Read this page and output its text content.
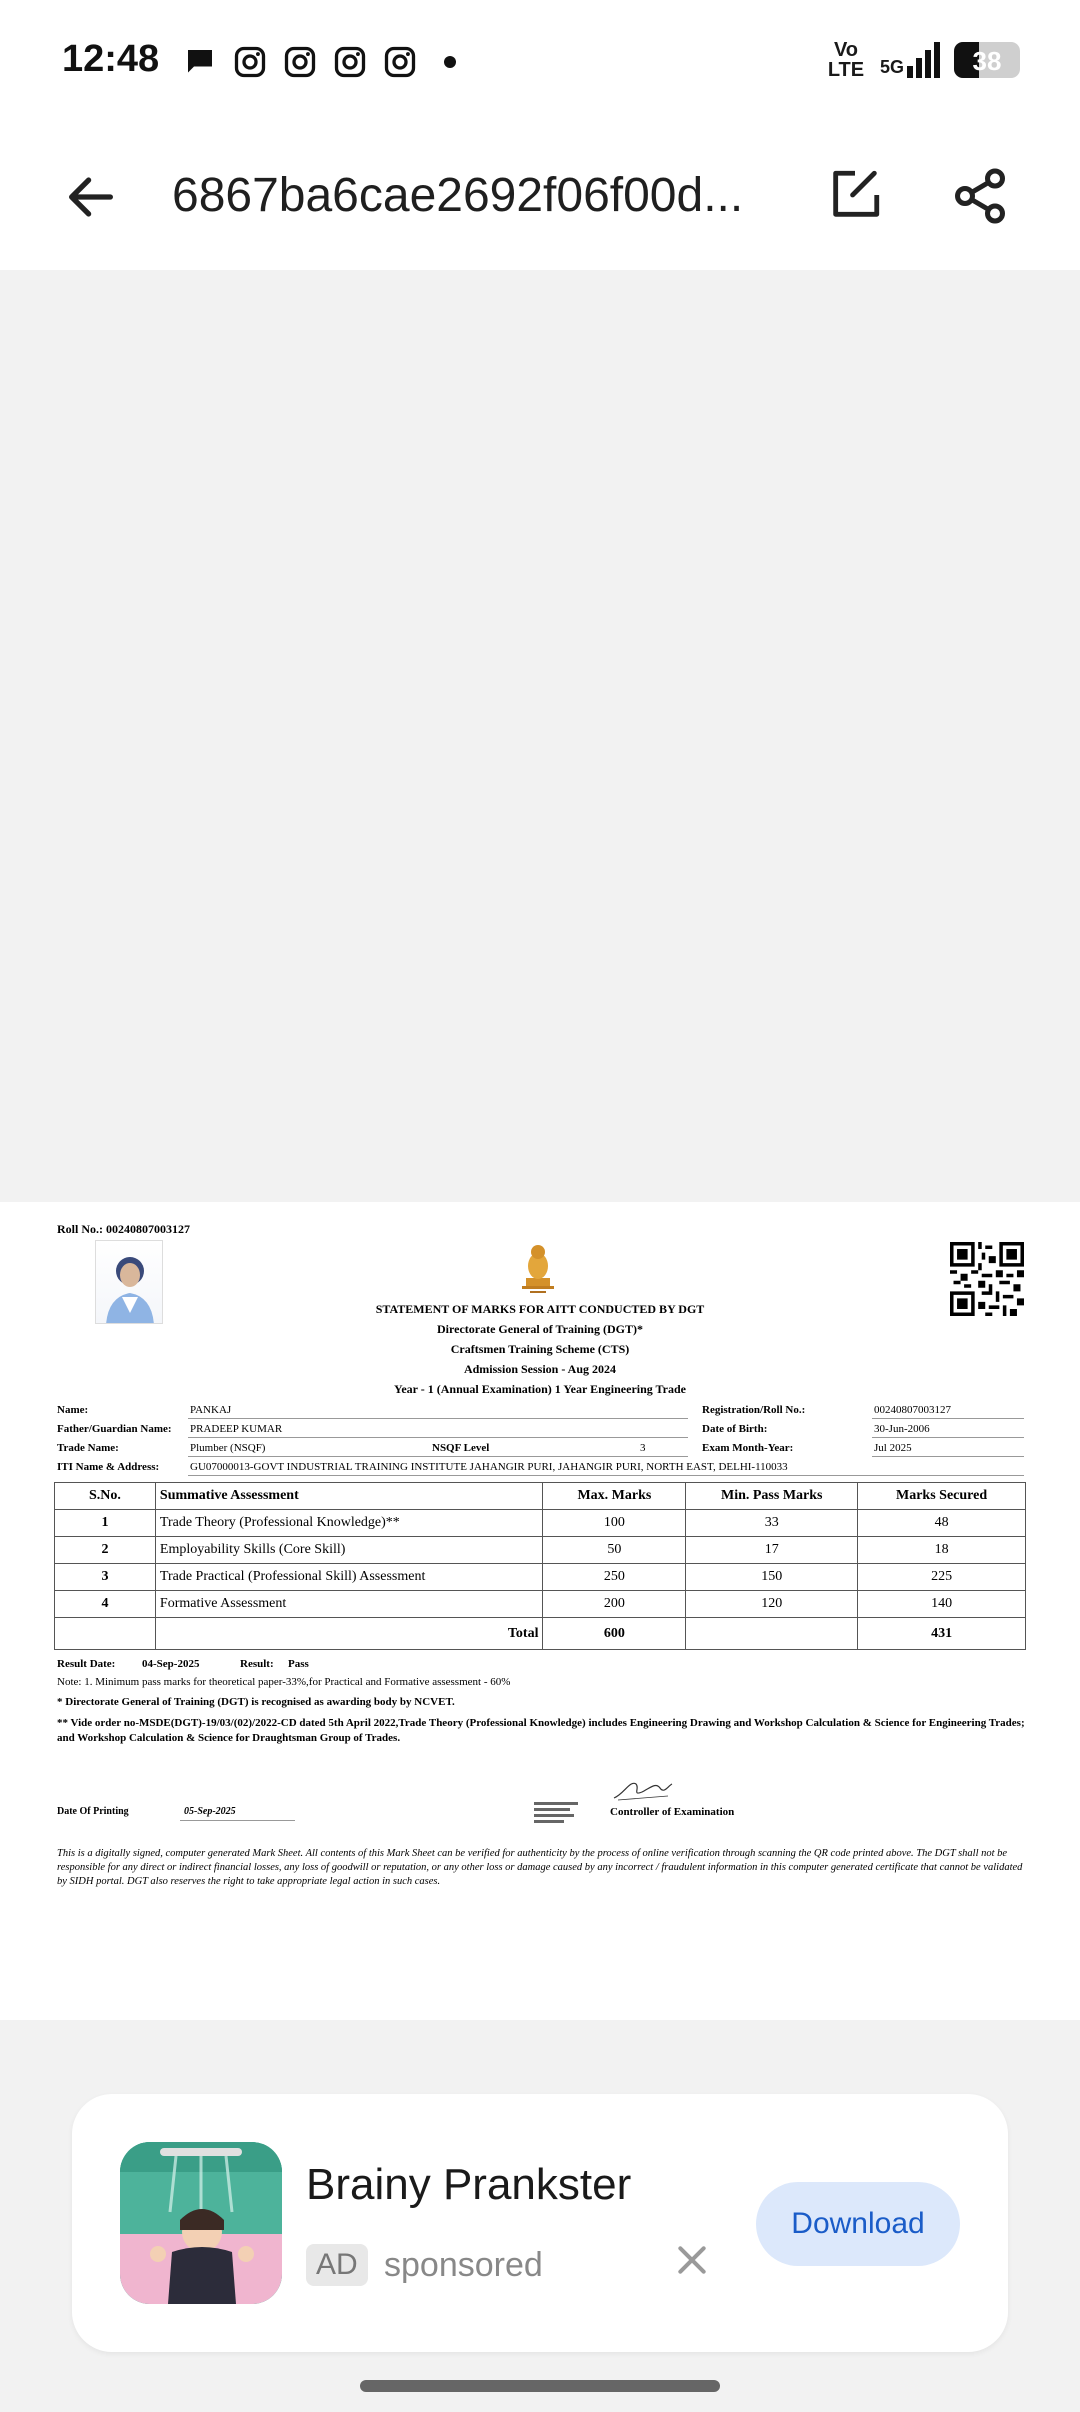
12:48	Vo
LTE 5G	38
6867ba6cae2692f06f00d...
Roll No.: 00240807003127
STATEMENT OF MARKS FOR AITT CONDUCTED BY DGT
Directorate General of Training (DGT)*
Craftsmen Training Scheme (CTS)
Admission Session - Aug 2024
Year - 1 (Annual Examination) 1 Year Engineering Trade
Name:	PANKAJ	Registration/Roll No.:	00240807003127
Father/Guardian Name: PRADEEP KUMAR	Date of Birth:	30-Jun-2006
Trade Name:	Plumber (NSQF)	NSQF Level	3	Exam Month-Year:	Jul 2025
ITI Name & Address:	GU07000013-GOVT INDUSTRIAL TRAINING INSTITUTE JAHANGIR PURI, JAHANGIR PURI, NORTH EAST, DELHI-110033
S.No.	Summative Assessment	Max. Marks	Min. Pass Marks	Marks Secured
1	Trade Theory (Professional Knowledge)**	100	33	48
2	Employability Skills (Core Skill)	50	17	18
3	Trade Practical (Professional Skill) Assessment	250	150	225
4	Formative Assessment	200	120	140
	Total	600		431
Result Date: 04-Sep-2025	Result: Pass
Note: 1. Minimum pass marks for theoretical paper-33%,for Practical and Formative assessment - 60%
* Directorate General of Training (DGT) is recognised as awarding body by NCVET.
** Vide order no-MSDE(DGT)-19/03/(02)/2022-CD dated 5th April 2022,Trade Theory (Professional Knowledge) includes Engineering Drawing and Workshop Calculation & Science for Engineering Trades; and Workshop Calculation & Science for Draughtsman Group of Trades.
Date Of Printing	05-Sep-2025	Controller of Examination
This is a digitally signed, computer generated Mark Sheet. All contents of this Mark Sheet can be verified for authenticity by the process of online verification through scanning the QR code printed above. The DGT shall not be responsible for any direct or indirect financial losses, any loss of goodwill or reputation, or any other loss or damage caused by any incorrect / fraudulent information in this computer generated certificate that cannot be validated by SIDH portal. DGT also reserves the right to take appropriate legal action in such cases.
Brainy Prankster
AD sponsored
Download
